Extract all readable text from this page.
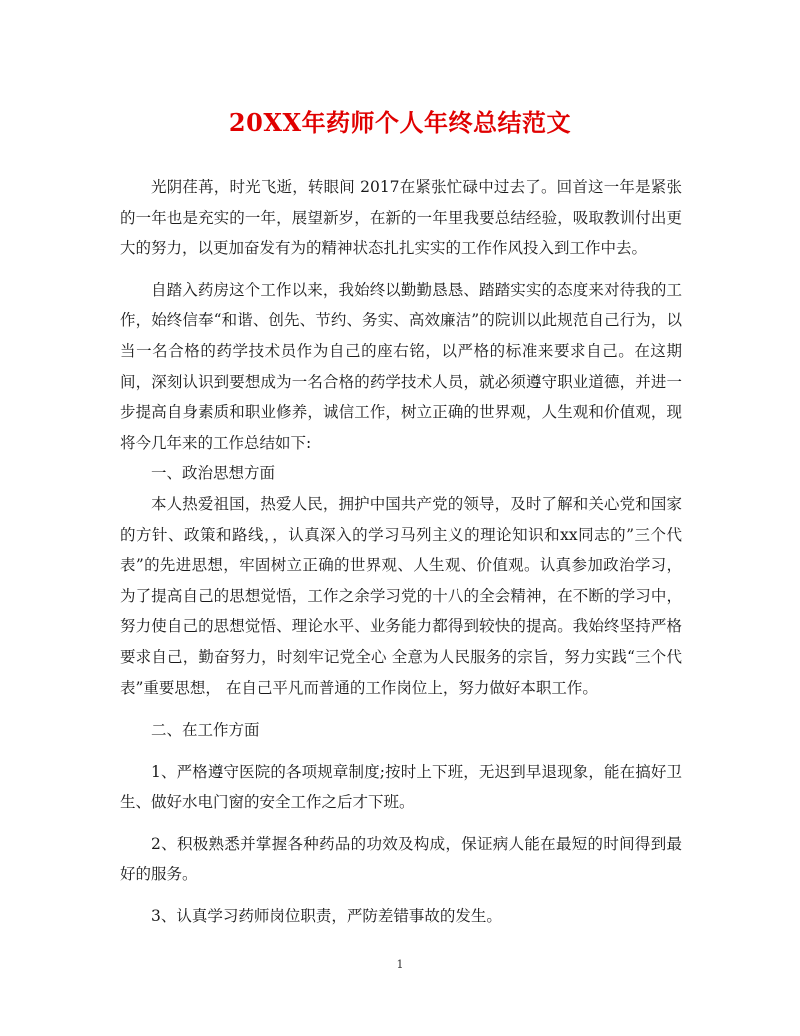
20XX年药师个人年终总结范文

光阴荏苒，时光飞逝，转眼间 2017在紧张忙碌中过去了。回首这一年是紧张的一年也是充实的一年，展望新岁，在新的一年里我要总结经验，吸取教训付出更大的努力，以更加奋发有为的精神状态扎扎实实的工作作风投入到工作中去。

自踏入药房这个工作以来，我始终以勤勤恳恳、踏踏实实的态度来对待我的工作，始终信奉“和谐、创先、节约、务实、高效廉洁”的院训以此规范自己行为，以当一名合格的药学技术员作为自己的座右铭，以严格的标准来要求自己。在这期间，深刻认识到要想成为一名合格的药学技术人员，就必须遵守职业道德，并进一步提高自身素质和职业修养，诚信工作，树立正确的世界观，人生观和价值观，现将今几年来的工作总结如下:

一、政治思想方面

本人热爱祖国，热爱人民，拥护中国共产党的领导，及时了解和关心党和国家的方针、政策和路线，，认真深入的学习马列主义的理论知识和xx同志的”三个代表”的先进思想，牢固树立正确的世界观、人生观、价值观。认真参加政治学习，为了提高自己的思想觉悟，工作之余学习党的十八的全会精神，在不断的学习中，努力使自己的思想觉悟、理论水平、业务能力都得到较快的提高。我始终坚持严格要求自己，勤奋努力，时刻牢记党全心 全意为人民服务的宗旨，努力实践“三个代表”重要思想， 在自己平凡而普通的工作岗位上，努力做好本职工作。

二、在工作方面

1、严格遵守医院的各项规章制度;按时上下班，无迟到早退现象，能在搞好卫生、做好水电门窗的安全工作之后才下班。

2、积极熟悉并掌握各种药品的功效及构成，保证病人能在最短的时间得到最好的服务。

3、认真学习药师岗位职责，严防差错事故的发生。

1
